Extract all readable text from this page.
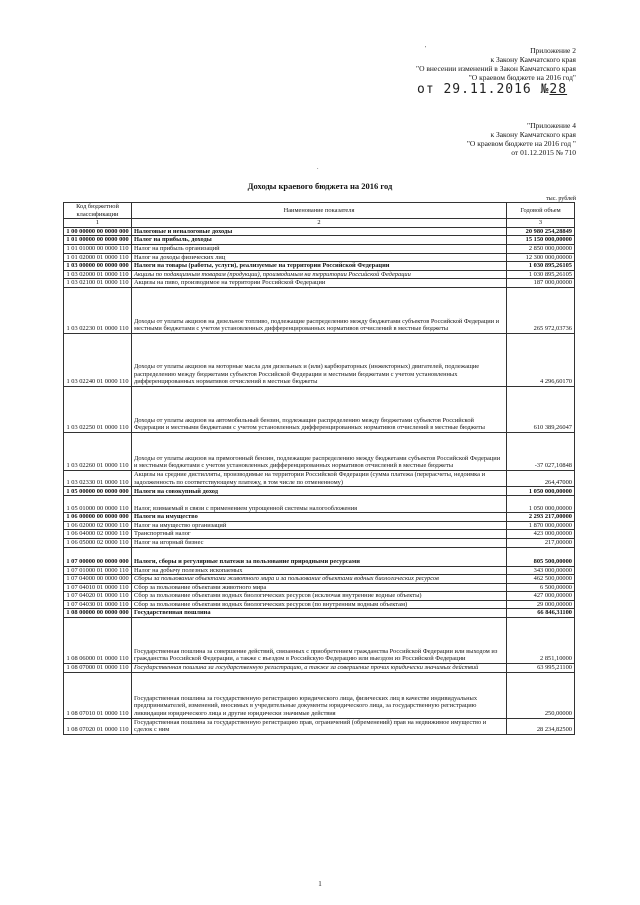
'	Приложение 2
к Закону Камчатского края
"О внесении изменений в Закон Камчатского края
"О краевом бюджете на 2016 год"
от 29.11.2016 №28
"Приложение 4
к Закону Камчатского края
"О краевом бюджете на 2016 год "
от 01.12.2015 № 710
.
Доходы краевого бюджета на 2016 год
тыс. рублей
Код бюджетной классификации	Наименование показателя	Годовой объем
1	2	3
1 00 00000 00 0000 000	Налоговые и неналоговые доходы	20 980 254,28849
1 01 00000 00 0000 000	Налог на прибыль, доходы	15 150 000,00000
1 01 01000 00 0000 110	Налог на прибыль организаций	2 850 000,00000
1 01 02000 01 0000 110	Налог на доходы физических лиц	12 300 000,00000
1 03 00000 00 0000 000	Налоги на товары (работы, услуги), реализуемые на территории Российской Федерации	1 030 895,26105
1 03 02000 01 0000 110	Акцизы по подакцизным товарам (продукции), производимым на территории Российской Федерации	1 030 895,26105
1 03 02100 01 0000 110	Акцизы на пиво, производимое на территории Российской Федерации	187 000,00000
1 03 02230 01 0000 110	Доходы от уплаты акцизов на дизельное топливо, подлежащие распределению между бюджетами субъектов Российской Федерации и местными бюджетами с учетом установленных дифференцированных нормативов отчислений в местные бюджеты	265 972,03736
1 03 02240 01 0000 110	Доходы от уплаты акцизов на моторные масла для дизельных и (или) карбюраторных (инжекторных) двигателей, подлежащие распределению между бюджетами субъектов Российской Федерации и местными бюджетами с учетом установленных дифференцированных нормативов отчислений в местные бюджеты	4 296,60170
1 03 02250 01 0000 110	Доходы от уплаты акцизов на автомобильный бензин, подлежащие распределению между бюджетами субъектов Российской Федерации и местными бюджетами с учетом установленных дифференцированных нормативов отчислений в местные бюджеты	610 389,26047
1 03 02260 01 0000 110	Доходы от уплаты акцизов на прямогонный бензин, подлежащие распределению между бюджетами субъектов Российской Федерации и местными бюджетами с учетом установленных дифференцированных нормативов отчислений в местные бюджеты	-37 027,10848
1 03 02330 01 0000 110	Акцизы на средние дистилляты, производимые на территории Российской Федерации (сумма платежа (перерасчеты, недоимка и задолженность по соответствующему платежу, в том числе по отмененному)	264,47000
1 05 00000 00 0000 000	Налоги на совокупный доход	1 050 000,00000
1 05 01000 00 0000 110	Налог, взимаемый в связи с применением упрощенной системы налогообложения	1 050 000,00000
1 06 00000 00 0000 000	Налоги на имущество	2 293 217,00000
1 06 02000 02 0000 110	Налог на имущество организаций	1 870 000,00000
1 06 04000 02 0000 110	Транспортный налог	423 000,00000
1 06 05000 02 0000 110	Налог на игорный бизнес	217,00000
1 07 00000 00 0000 000	Налоги, сборы и регулярные платежи за пользование природными ресурсами	805 500,00000
1 07 01000 01 0000 110	Налог на добычу полезных ископаемых	343 000,00000
1 07 04000 00 0000 000	Сборы за пользование объектами животного мира и за пользование объектами водных биологических ресурсов	462 500,00000
1 07 04010 01 0000 110	Сбор за пользование объектами животного мира	6 500,00000
1 07 04020 01 0000 110	Сбор за пользование объектами водных биологических ресурсов (исключая внутренние водные объекты)	427 000,00000
1 07 04030 01 0000 110	Сбор за пользование объектами водных биологических ресурсов (по внутренним водным объектам)	29 000,00000
1 08 00000 00 0000 000	Государственная пошлина	66 846,31100
1 08 06000 01 0000 110	Государственная пошлина за совершение действий, связанных с приобретением гражданства Российской Федерации или выходом из гражданства Российской Федерации, а также с въездом в Российскую Федерацию или выездом из Российской Федерации	2 851,10000
1 08 07000 01 0000 110	Государственная пошлина за государственную регистрацию, а также за совершение прочих юридически значимых действий	63 995,21100
1 08 07010 01 0000 110	Государственная пошлина за государственную регистрацию юридического лица, физических лиц в качестве индивидуальных предпринимателей, изменений, вносимых в учредительные документы юридического лица, за государственную регистрацию ликвидации юридического лица и другие юридически значимые действия	250,00000
1 08 07020 01 0000 110	Государственная пошлина за государственную регистрацию прав, ограничений (обременений) прав на недвижимое имущество и сделок с ним	28 234,82500
1
